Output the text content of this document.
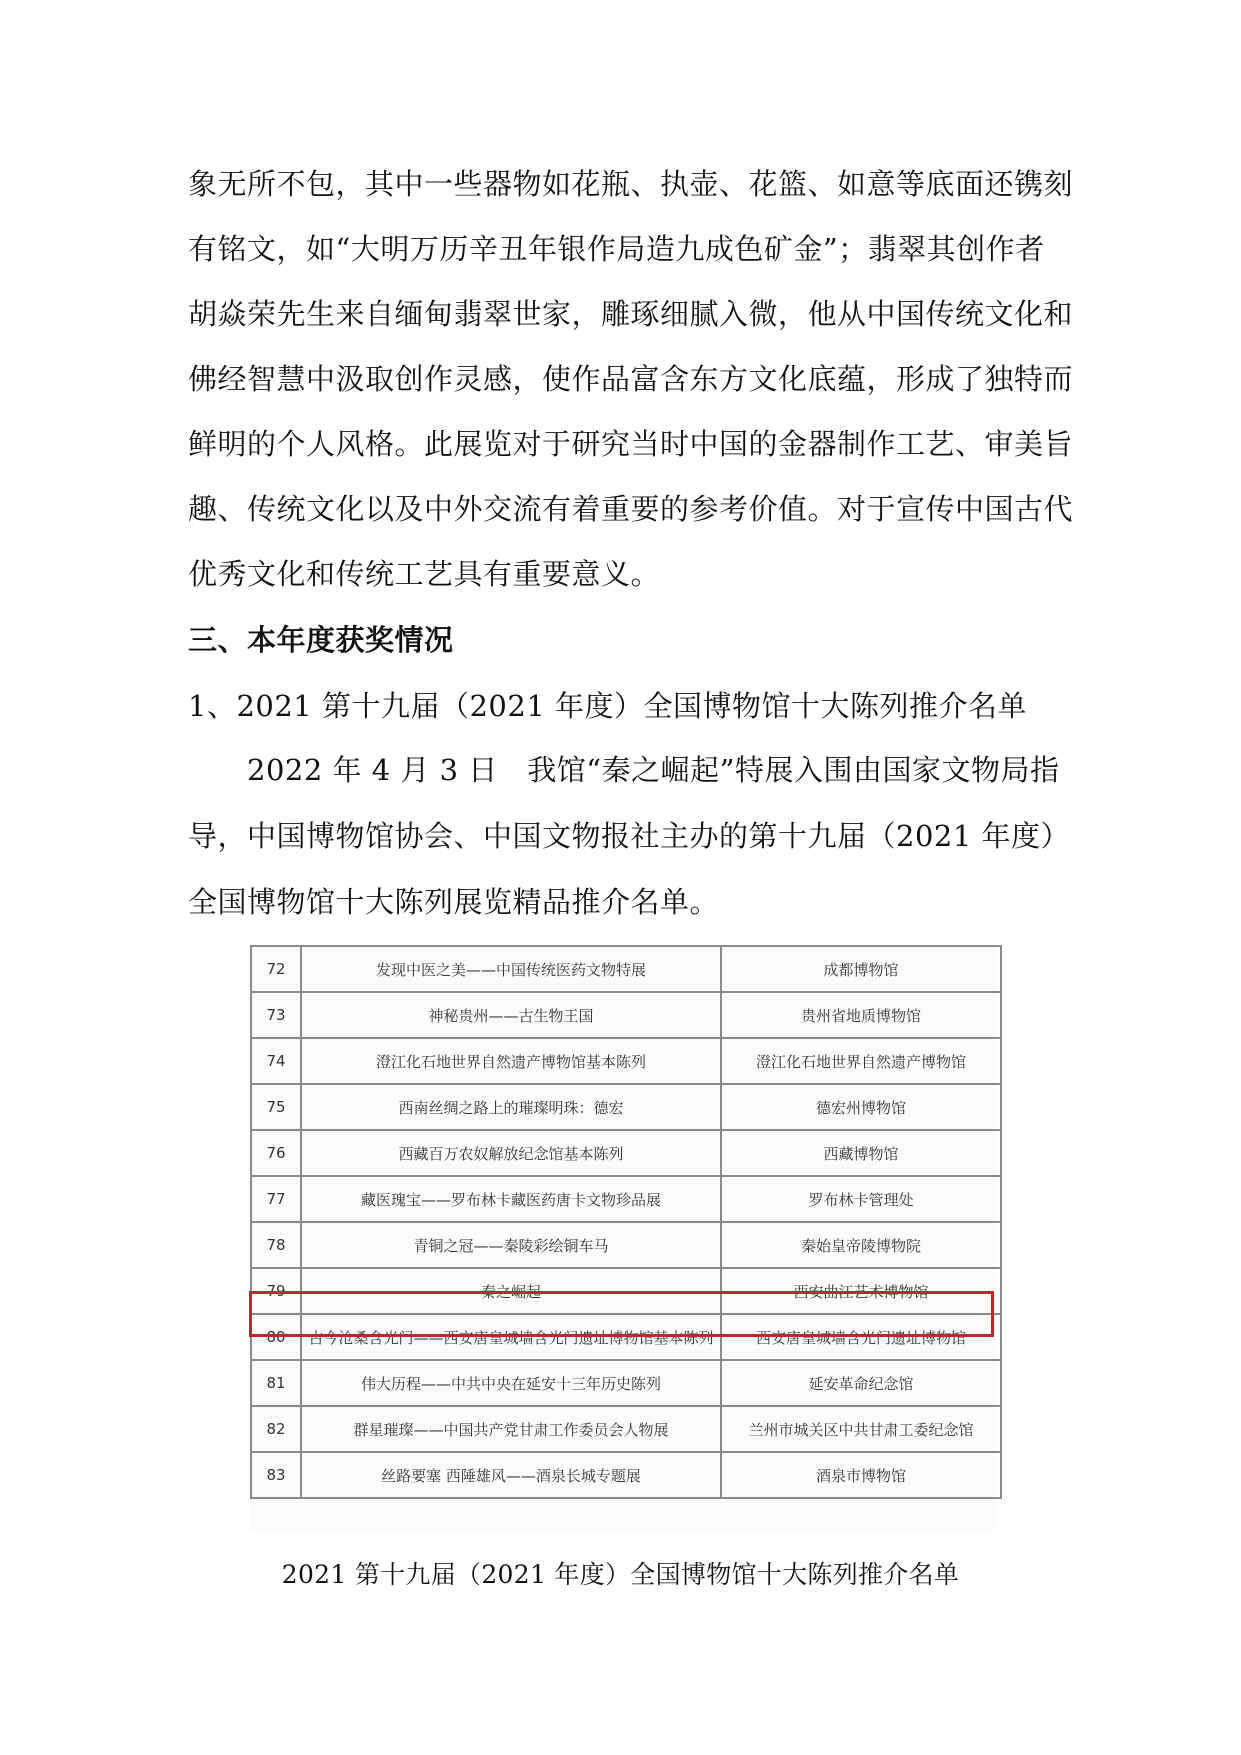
象无所不包，其中一些器物如花瓶、执壶、花篮、如意等底面还镌刻
有铭文，如“大明万历辛丑年银作局造九成色矿金”；翡翠其创作者
胡焱荣先生来自缅甸翡翠世家，雕琢细腻入微，他从中国传统文化和
佛经智慧中汲取创作灵感，使作品富含东方文化底蕴，形成了独特而
鲜明的个人风格。此展览对于研究当时中国的金器制作工艺、审美旨
趣、传统文化以及中外交流有着重要的参考价值。对于宣传中国古代
优秀文化和传统工艺具有重要意义。
三、本年度获奖情况
1、2021 第十九届（2021 年度）全国博物馆十大陈列推介名单
　　2022 年 4 月 3 日　我馆“秦之崛起”特展入围由国家文物局指
导，中国博物馆协会、中国文物报社主办的第十九届（2021 年度）
全国博物馆十大陈列展览精品推介名单。
72	发现中医之美——中国传统医药文物特展	成都博物馆
73	神秘贵州——古生物王国	贵州省地质博物馆
74	澄江化石地世界自然遗产博物馆基本陈列	澄江化石地世界自然遗产博物馆
75	西南丝绸之路上的璀璨明珠：德宏	德宏州博物馆
76	西藏百万农奴解放纪念馆基本陈列	西藏博物馆
77	藏医瑰宝——罗布林卡藏医药唐卡文物珍品展	罗布林卡管理处
78	青铜之冠——秦陵彩绘铜车马	秦始皇帝陵博物院
79	秦之崛起	西安曲江艺术博物馆
80	古今沧桑含光门——西安唐皇城墙含光门遗址博物馆基本陈列	西安唐皇城墙含光门遗址博物馆
81	伟大历程——中共中央在延安十三年历史陈列	延安革命纪念馆
82	群星璀璨——中国共产党甘肃工作委员会人物展	兰州市城关区中共甘肃工委纪念馆
83	丝路要塞 西陲雄风——酒泉长城专题展	酒泉市博物馆
2021 第十九届（2021 年度）全国博物馆十大陈列推介名单
